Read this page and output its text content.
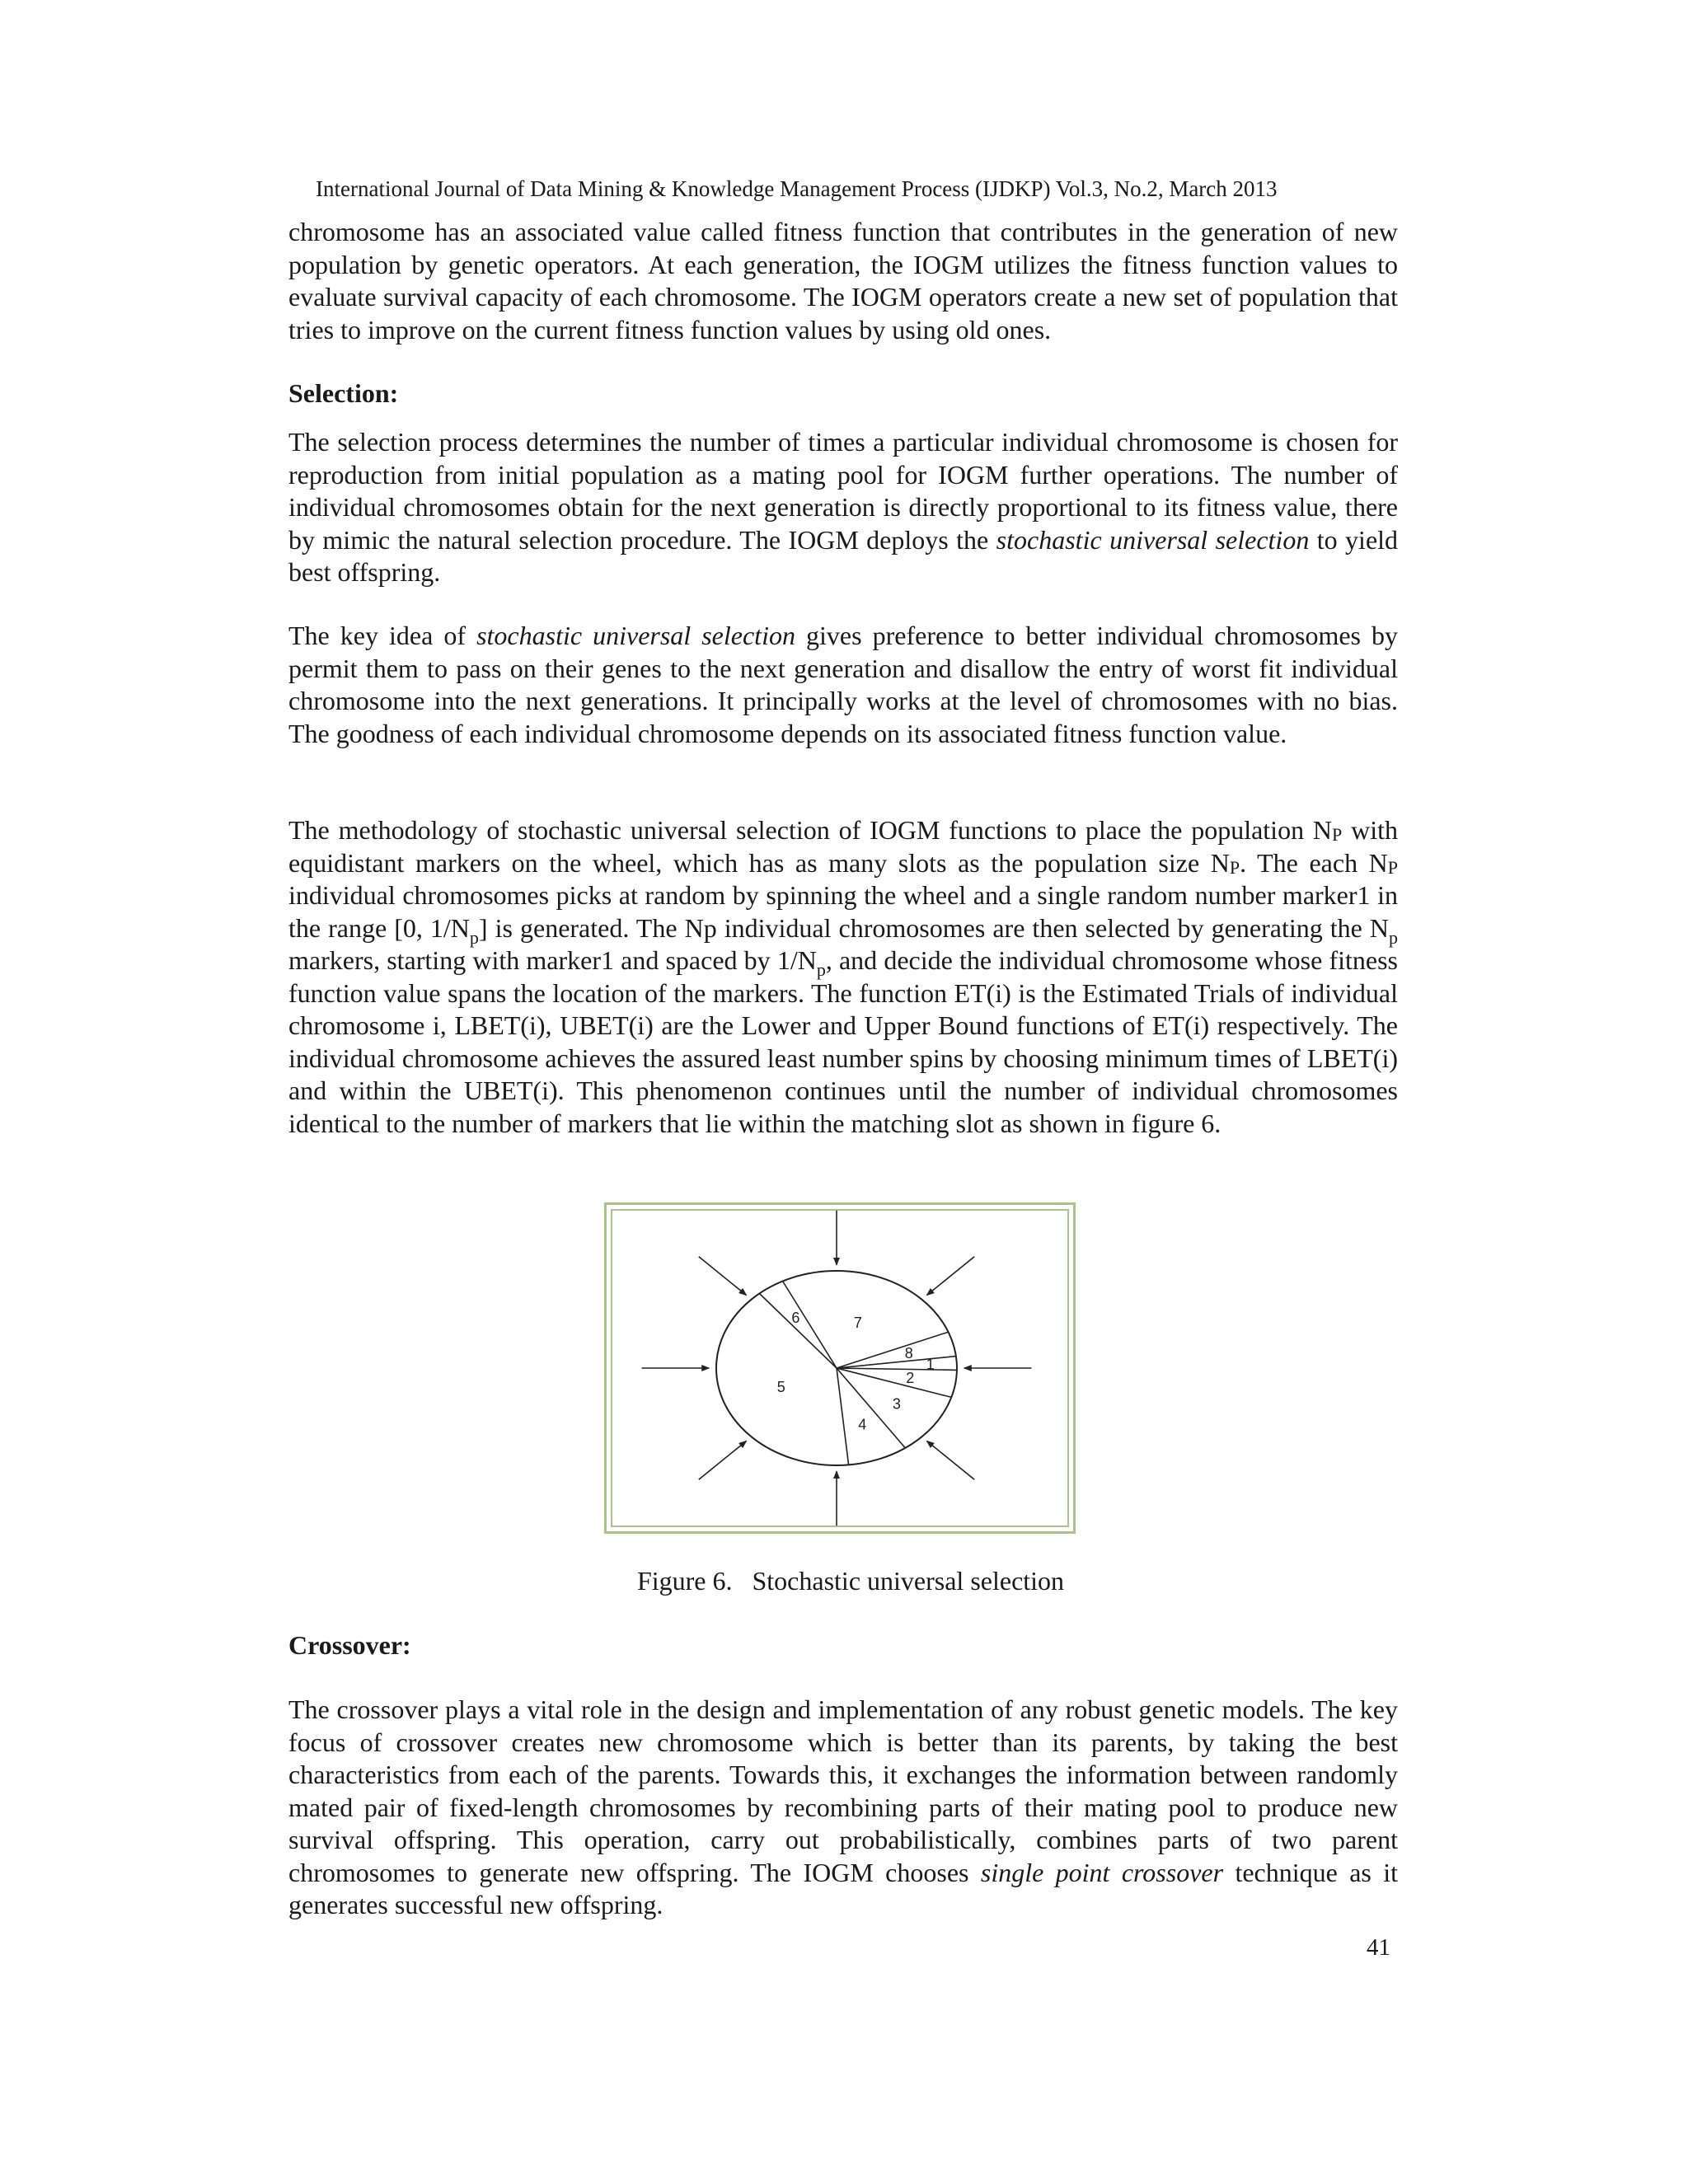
International Journal of Data Mining & Knowledge Management Process (IJDKP) Vol.3, No.2, March 2013

chromosome has an associated value called fitness function that contributes in the generation of new population by genetic operators. At each generation, the IOGM utilizes the fitness function values to evaluate survival capacity of each chromosome. The IOGM operators create a new set of population that tries to improve on the current fitness function values by using old ones.

Selection:

The selection process determines the number of times a particular individual chromosome is chosen for reproduction from initial population as a mating pool for IOGM further operations. The number of individual chromosomes obtain for the next generation is directly proportional to its fitness value, there by mimic the natural selection procedure. The IOGM deploys the stochastic universal selection to yield best offspring.

The key idea of stochastic universal selection gives preference to better individual chromosomes by permit them to pass on their genes to the next generation and disallow the entry of worst fit individual chromosome into the next generations. It principally works at the level of chromosomes with no bias. The goodness of each individual chromosome depends on its associated fitness function value.

The methodology of stochastic universal selection of IOGM functions to place the population NP with equidistant markers on the wheel, which has as many slots as the population size NP. The each NP individual chromosomes picks at random by spinning the wheel and a single random number marker1 in the range [0, $1/N_p$] is generated. The Np individual chromosomes are then selected by generating the $N_p$ markers, starting with marker1 and spaced by $1/N_p$, and decide the individual chromosome whose fitness function value spans the location of the markers. The function ET(i) is the Estimated Trials of individual chromosome i, LBET(i), UBET(i) are the Lower and Upper Bound functions of ET(i) respectively. The individual chromosome achieves the assured least number spins by choosing minimum times of LBET(i) and within the UBET(i). This phenomenon continues until the number of individual chromosomes identical to the number of markers that lie within the matching slot as shown in figure 6.

1
2
3
4
5
6	7
8
Figure 6. Stochastic universal selection
Crossover:

The crossover plays a vital role in the design and implementation of any robust genetic models. The key focus of crossover creates new chromosome which is better than its parents, by taking the best characteristics from each of the parents. Towards this, it exchanges the information between randomly mated pair of fixed-length chromosomes by recombining parts of their mating pool to produce new survival offspring. This operation, carry out probabilistically, combines parts of two parent chromosomes to generate new offspring. The IOGM chooses single point crossover technique as it generates successful new offspring.

41
